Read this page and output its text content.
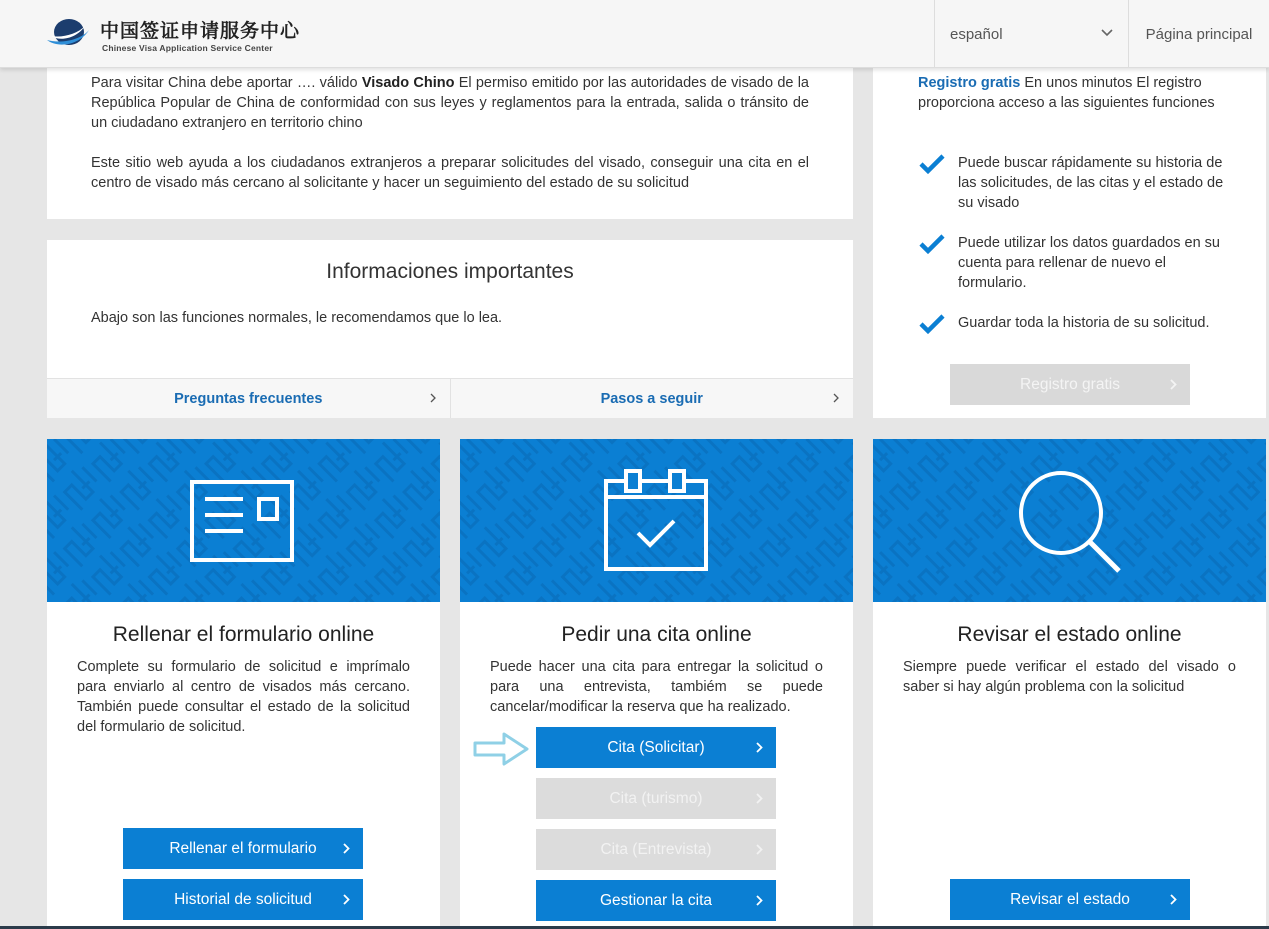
中国签证申请服务中心
Chinese Visa Application Service Center
español	Página principal

Para visitar China debe aportar …. válido Visado Chino El permiso emitido por las autoridades de visado de la República Popular de China de conformidad con sus leyes y reglamentos para la entrada, salida o tránsito de un ciudadano extranjero en territorio chino

Este sitio web ayuda a los ciudadanos extranjeros a preparar solicitudes del visado, conseguir una cita en el centro de visado más cercano al solicitante y hacer un seguimiento del estado de su solicitud

Informaciones importantes
Abajo son las funciones normales, le recomendamos que lo lea.
Preguntas frecuentes	Pasos a seguir
Registro gratis En unos minutos El registro proporciona acceso a las siguientes funciones
Puede buscar rápidamente su historia de las solicitudes, de las citas y el estado de su visado
Puede utilizar los datos guardados en su cuenta para rellenar de nuevo el formulario.
Guardar toda la historia de su solicitud.
Registro gratis
Rellenar el formulario online
Complete su formulario de solicitud e imprímalo para enviarlo al centro de visados más cercano. También puede consultar el estado de la solicitud del formulario de solicitud.
Rellenar el formulario
Historial de solicitud
Pedir una cita online
Puede hacer una cita para entregar la solicitud o para una entrevista, tambiém se puede cancelar/modificar la reserva que ha realizado.
Cita (Solicitar)
Cita (turismo)
Cita (Entrevista)
Gestionar la cita
Revisar el estado online
Siempre puede verificar el estado del visado o saber si hay algún problema con la solicitud
Revisar el estado
